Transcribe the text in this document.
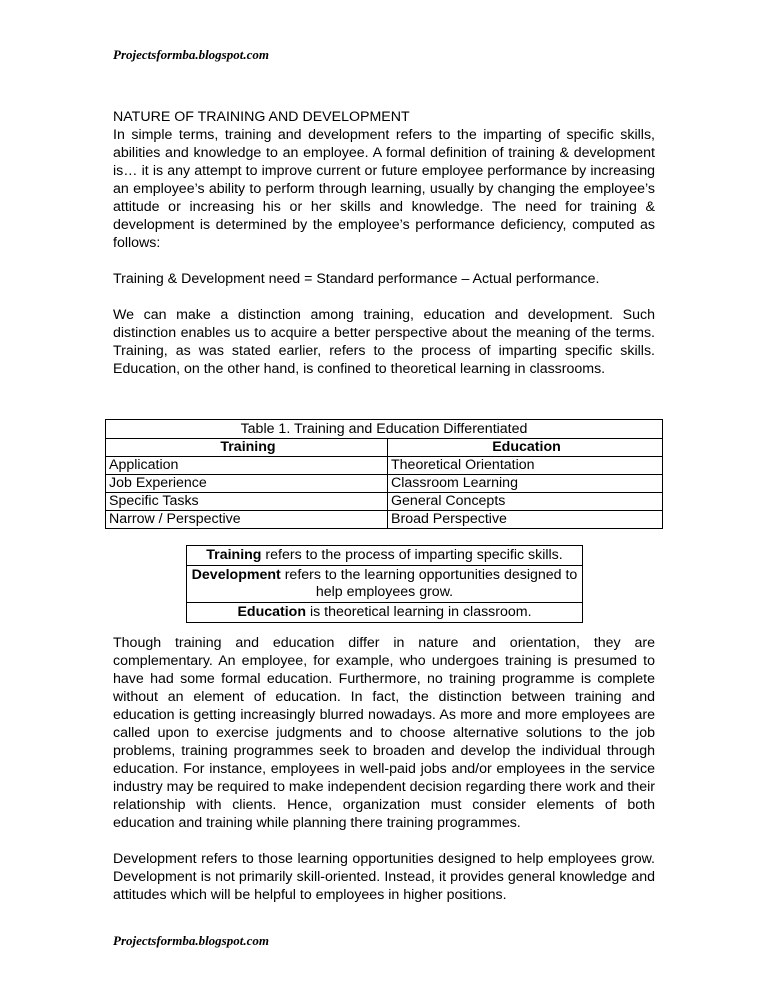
Projectsformba.blogspot.com

NATURE OF TRAINING AND DEVELOPMENT

In simple terms, training and development refers to the imparting of specific skills, abilities and knowledge to an employee. A formal definition of training & development is… it is any attempt to improve current or future employee performance by increasing an employee’s ability to perform through learning, usually by changing the employee’s attitude or increasing his or her skills and knowledge. The need for training & development is determined by the employee’s performance deficiency, computed as follows:

Training & Development need = Standard performance – Actual performance.

We can make a distinction among training, education and development. Such distinction enables us to acquire a better perspective about the meaning of the terms. Training, as was stated earlier, refers to the process of imparting specific skills. Education, on the other hand, is confined to theoretical learning in classrooms.

Table 1. Training and Education Differentiated	
Training	Education
Application	Theoretical Orientation
Job Experience	Classroom Learning
Specific Tasks	General Concepts
Narrow / Perspective	Broad Perspective
Training refers to the process of imparting specific skills.
Development refers to the learning opportunities designed to help employees grow.
Education is theoretical learning in classroom.

Though training and education differ in nature and orientation, they are complementary. An employee, for example, who undergoes training is presumed to have had some formal education. Furthermore, no training programme is complete without an element of education. In fact, the distinction between training and education is getting increasingly blurred nowadays. As more and more employees are called upon to exercise judgments and to choose alternative solutions to the job problems, training programmes seek to broaden and develop the individual through education. For instance, employees in well-paid jobs and/or employees in the service industry may be required to make independent decision regarding there work and their relationship with clients. Hence, organization must consider elements of both education and training while planning there training programmes.

Development refers to those learning opportunities designed to help employees grow. Development is not primarily skill-oriented. Instead, it provides general knowledge and attitudes which will be helpful to employees in higher positions.

Projectsformba.blogspot.com
